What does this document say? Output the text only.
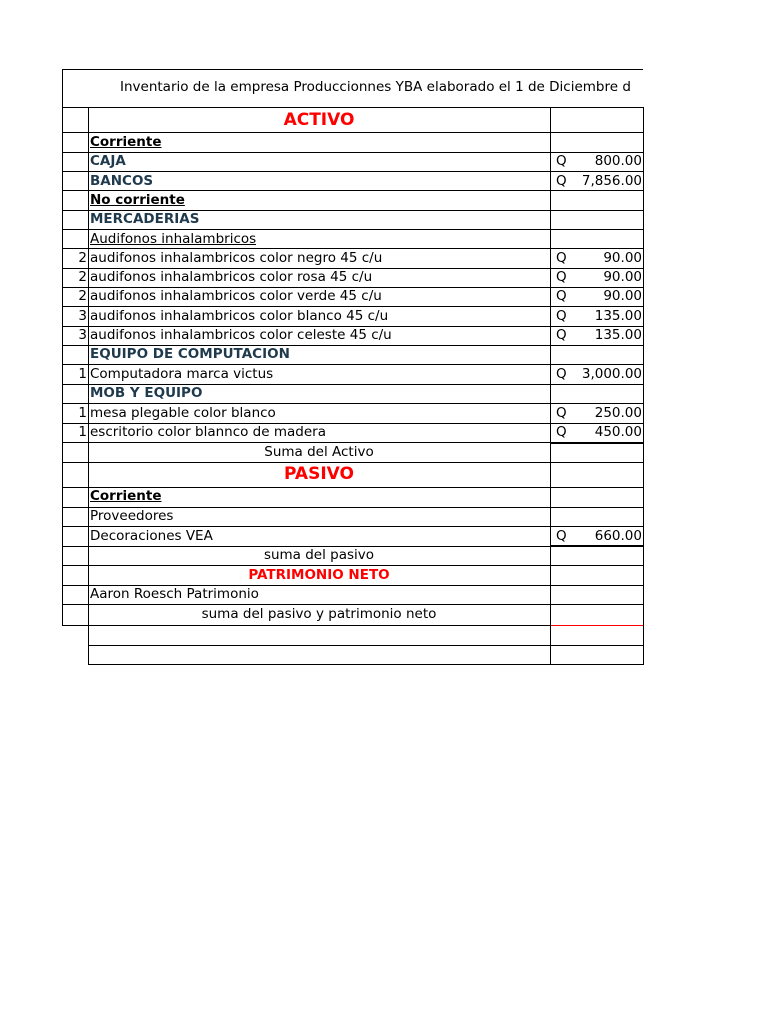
Inventario de la empresa Produccionnes YBA elaborado el 1 de Diciembre d
ACTIVO
Corriente
CAJA	Q 800.00
BANCOS	Q 7,856.00
No corriente
MERCADERIAS
Audifonos inhalambricos
2 audifonos inhalambricos color negro 45 c/u	Q	90.00
2 audifonos inhalambricos color rosa 45 c/u	Q	90.00
2 audifonos inhalambricos color verde 45 c/u	Q	90.00
3 audifonos inhalambricos color blanco 45 c/u	Q 135.00
3 audifonos inhalambricos color celeste 45 c/u	Q 135.00
EQUIPO DE COMPUTACION
1 Computadora marca victus	Q 3,000.00
MOB Y EQUIPO
1 mesa plegable color blanco	Q 250.00
1 escritorio color blannco de madera	Q 450.00
Suma del Activo
PASIVO
Corriente
Proveedores
Decoraciones VEA	Q 660.00
suma del pasivo
PATRIMONIO NETO
Aaron Roesch Patrimonio
suma del pasivo y patrimonio neto
